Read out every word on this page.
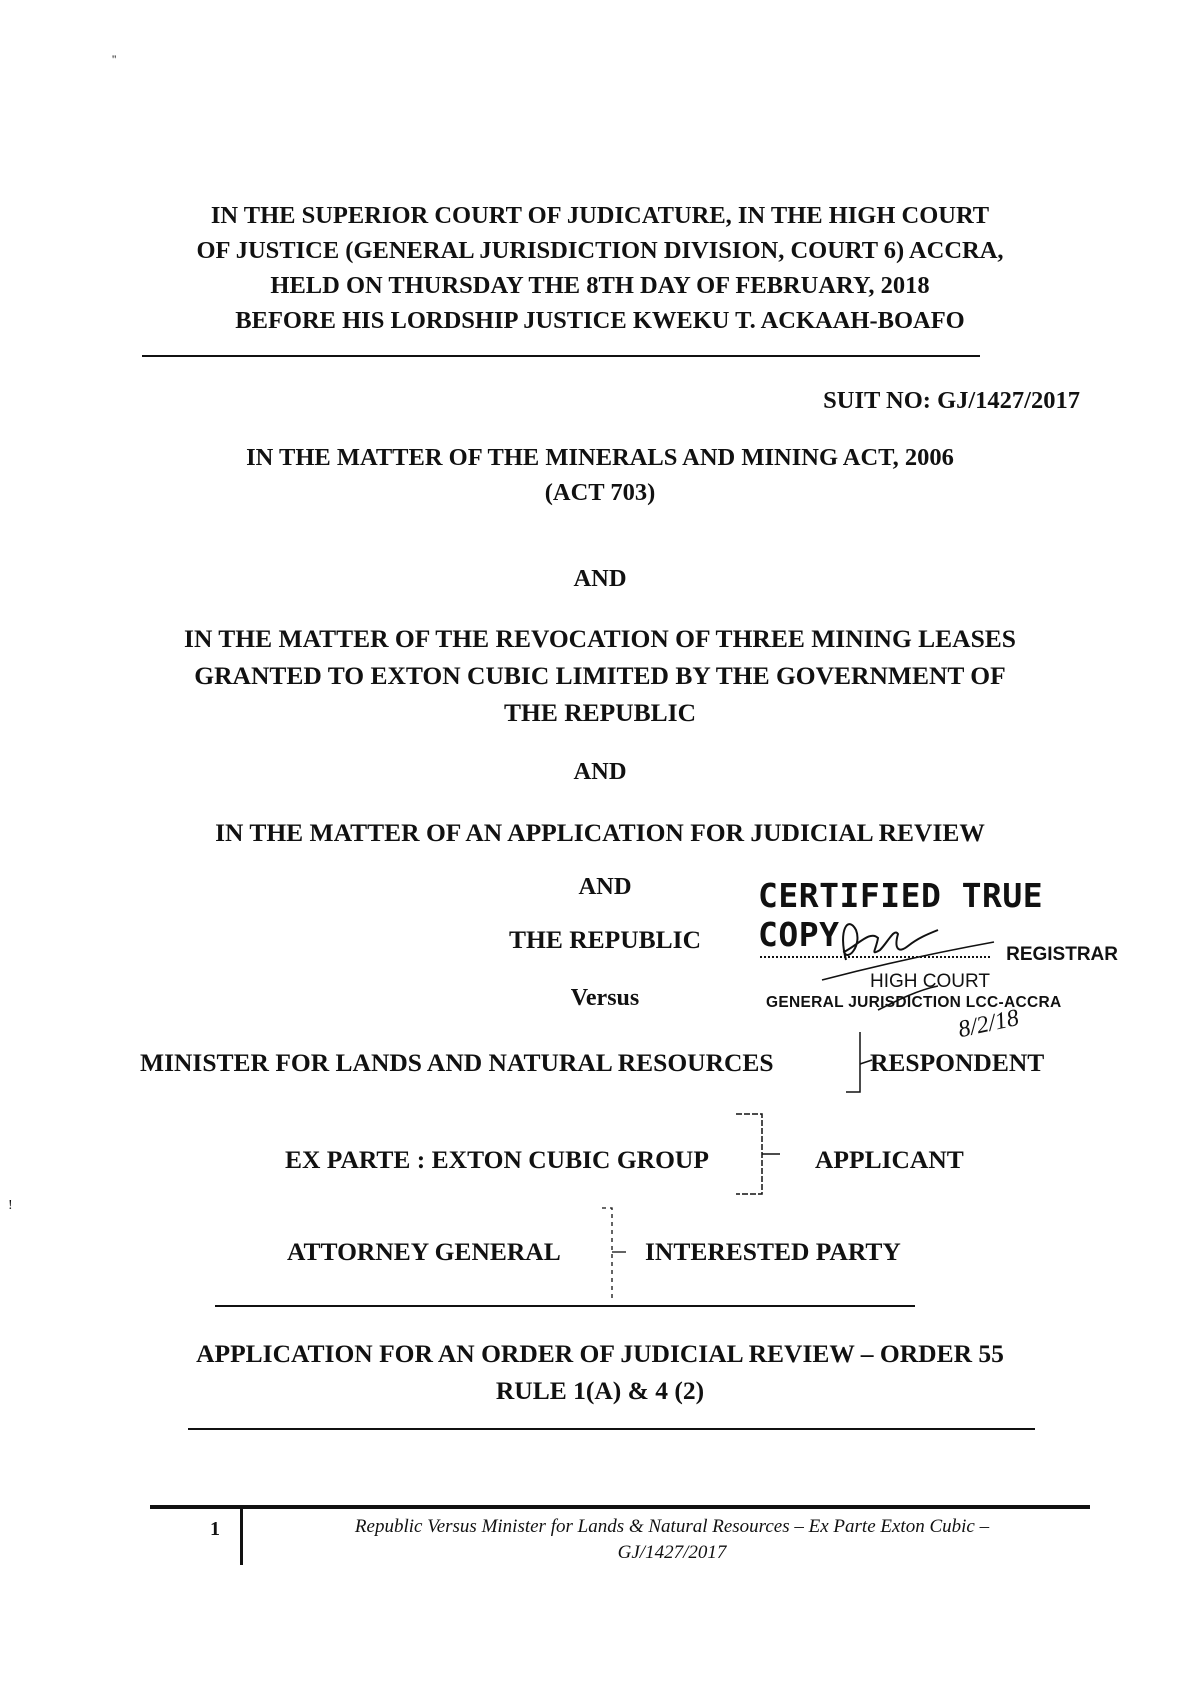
''
!
IN THE SUPERIOR COURT OF JUDICATURE, IN THE HIGH COURT
OF JUSTICE (GENERAL JURISDICTION DIVISION, COURT 6) ACCRA,
HELD ON THURSDAY THE 8TH DAY OF FEBRUARY, 2018
BEFORE HIS LORDSHIP JUSTICE KWEKU T. ACKAAH-BOAFO
SUIT NO: GJ/1427/2017
IN THE MATTER OF THE MINERALS AND MINING ACT, 2006
(ACT 703)
AND
IN THE MATTER OF THE REVOCATION OF THREE MINING LEASES
GRANTED TO EXTON CUBIC LIMITED BY THE GOVERNMENT OF
THE REPUBLIC
AND
IN THE MATTER OF AN APPLICATION FOR JUDICIAL REVIEW
AND
THE REPUBLIC
Versus
CERTIFIED TRUE COPY
REGISTRAR
HIGH COURT
GENERAL JURISDICTION LCC-ACCRA
8/2/18
MINISTER FOR LANDS AND NATURAL RESOURCES	RESPONDENT
EX PARTE : EXTON CUBIC GROUP	APPLICANT
ATTORNEY GENERAL	INTERESTED PARTY
APPLICATION FOR AN ORDER OF JUDICIAL REVIEW – ORDER 55
RULE 1(A) & 4 (2)
1	Republic Versus Minister for Lands & Natural Resources – Ex Parte Exton Cubic –
GJ/1427/2017
